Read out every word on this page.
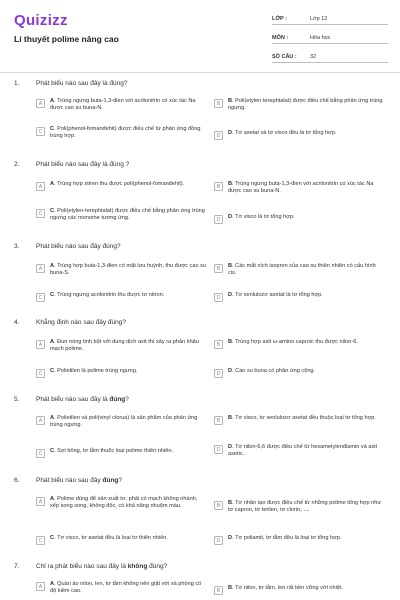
Quizizz
Lí thuyết polime nâng cao
LỚP :	Lớp 12
MÔN :	Hóa học
SỐ CÂU :	32
1.	Phát biểu nào sau đây là đúng?
A	A. Trùng ngưng buta-1,3-đien với acrilonitrin có xúc tác Na được cao su buna-N.
B	B. Poli(etylen terephtalat) được điều chế bằng phản ứng trùng ngưng.
C	C. Poli(phenol-fomanđehit) được điều chế từ phản ứng đồng trùng hợp.	D	D. Tơ axetat và tơ visco đều là tơ tổng hợp.
2.	Phát biểu nào sau đây là đúng ?
A	A. Trùng hợp stiren thu được poli(phenol-fomanđehit).	B	B. Trùng ngưng buta-1,3-đien với acrilonitrin có xúc tác Na được cao su buna-N.
C	C. Poli(etylen-terephtalat) được điều chế bằng phản ứng trùng ngưng các monome tương ứng.	D	D. Tơ visco là tơ tổng hợp.
3.	Phát biểu nào sau đây đúng?
A	A. Trùng hợp buta-1,3-đien có mặt lưu huỳnh, thu được cao su buna-S.
B	B. Các mắt xích isopren của cao su thiên nhiên có cấu hình cis.
C	C. Trùng ngưng acrilonitrin thu được tơ nitron.	D	D. Tơ xenlulozơ axetat là tơ tổng hợp.
4.	Khẳng định nào sau đây đúng?
A	A. Đun nóng tinh bột với dung dịch axit thì xảy ra phản khâu mạch polime.
B	B. Trùng hợp axit ω-amino caproic thu được nilon-6.
C	C. Polietilen là polime trùng ngưng.	D	D. Cao su buna có phản ứng cộng.
5.	Phát biểu nào sau đây là đúng?
A	A. Polietilen và poli(vinyl clorua) là sản phẩm của phản ứng trùng ngưng.
B	B. Tơ visco, tơ xenlulozơ axetat đều thuộc loại tơ tổng hợp.
C	C. Sợi bông, tơ tằm thuộc loại polime thiên nhiên.	D	D. Tơ nilon-6,6 được điều chế từ hexametylenđiamin và axit axetic.
6.	Phát biểu nào sau đây đúng?
A	A. Polime dùng để sản xuất tơ, phải có mạch không nhánh, xếp song song, không độc, có khả năng nhuộm màu.	B	B. Tơ nhân tạo được điều chế từ những polime tổng hợp như tơ capron, tơ terilen, tơ clorin, ....
C	C. Tơ visco, tơ axetat đều là loại tơ thiên nhiên.	D	D. Tơ poliamit, tơ tằm đều là loại tơ tổng hợp.
7.	Chỉ ra phát biểu nào sau đây là không đúng?
A	A. Quần áo nilon, len, tơ tằm không nên giặt với xà phòng có độ kiềm cao.	B	B. Tơ nilon, tơ tằm, len rất bền vững với nhiệt.
